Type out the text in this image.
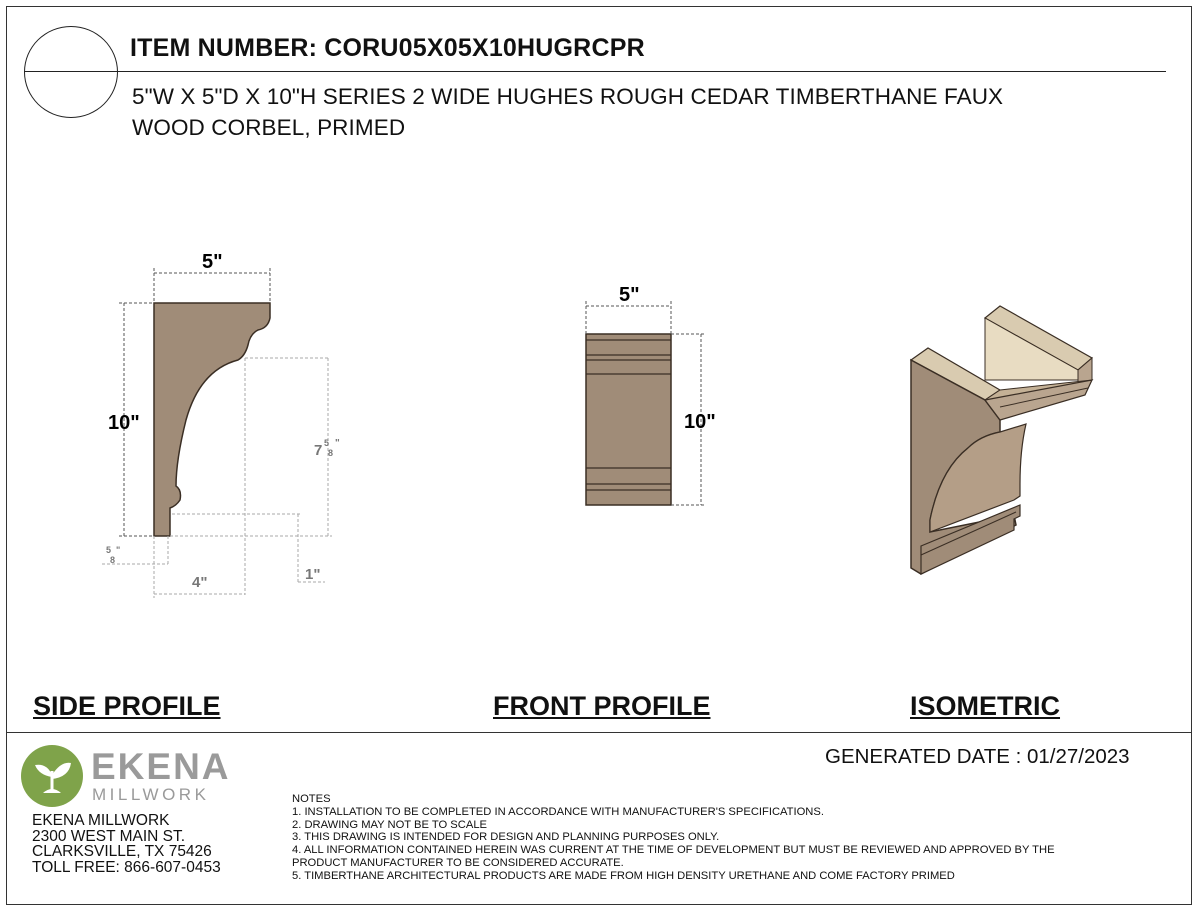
ITEM NUMBER: CORU05X05X10HUGRCPR
5"W X 5"D X 10"H SERIES 2 WIDE HUGHES ROUGH CEDAR TIMBERTHANE FAUX
WOOD CORBEL, PRIMED
5"
10"
7 5
8
"
4"	1"
5
8
"
5"
10"
SIDE PROFILE	FRONT PROFILE	ISOMETRIC
GENERATED DATE : 01/27/2023
EKENA
MILLWORK
EKENA MILLWORK
2300 WEST MAIN ST.
CLARKSVILLE, TX 75426
TOLL FREE: 866-607-0453
NOTES
1. INSTALLATION TO BE COMPLETED IN ACCORDANCE WITH MANUFACTURER'S SPECIFICATIONS.
2. DRAWING MAY NOT BE TO SCALE
3. THIS DRAWING IS INTENDED FOR DESIGN AND PLANNING PURPOSES ONLY.
4. ALL INFORMATION CONTAINED HEREIN WAS CURRENT AT THE TIME OF DEVELOPMENT BUT MUST BE REVIEWED AND APPROVED BY THE
PRODUCT MANUFACTURER TO BE CONSIDERED ACCURATE.
5. TIMBERTHANE ARCHITECTURAL PRODUCTS ARE MADE FROM HIGH DENSITY URETHANE AND COME FACTORY PRIMED
